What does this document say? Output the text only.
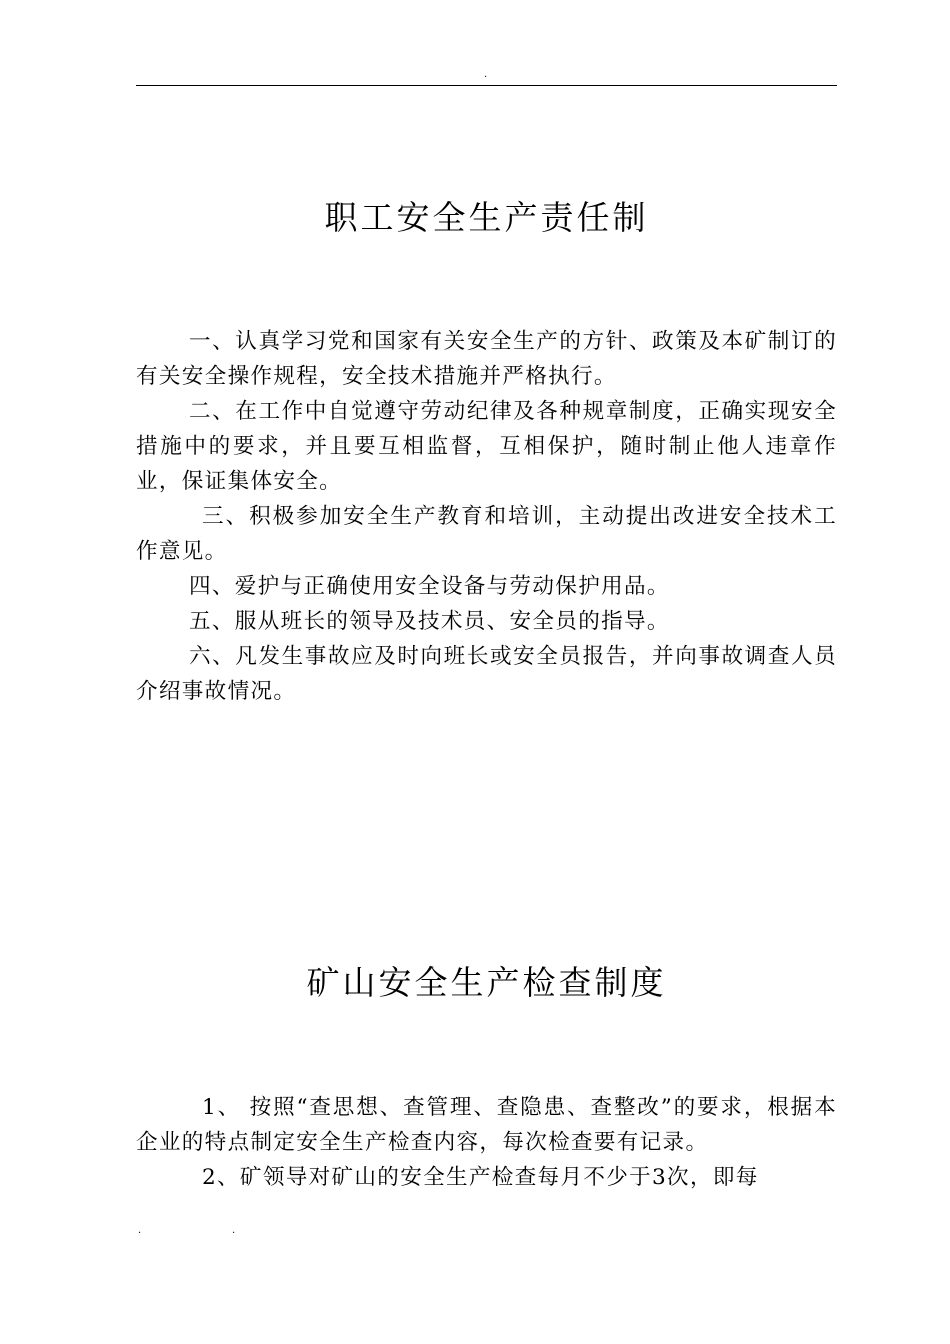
.
职工安全生产责任制

一、认真学习党和国家有关安全生产的方针、政策及本矿制订的有关安全操作规程，安全技术措施并严格执行。

二、在工作中自觉遵守劳动纪律及各种规章制度，正确实现安全措施中的要求，并且要互相监督，互相保护，随时制止他人违章作业，保证集体安全。

三、积极参加安全生产教育和培训，主动提出改进安全技术工作意见。

四、爱护与正确使用安全设备与劳动保护用品。

五、服从班长的领导及技术员、安全员的指导。

六、凡发生事故应及时向班长或安全员报告，并向事故调查人员介绍事故情况。

矿山安全生产检查制度

1、 按照“查思想、查管理、查隐患、查整改”的要求，根据本企业的特点制定安全生产检查内容，每次检查要有记录。

2、矿领导对矿山的安全生产检查每月不少于3次，即每

.	.
